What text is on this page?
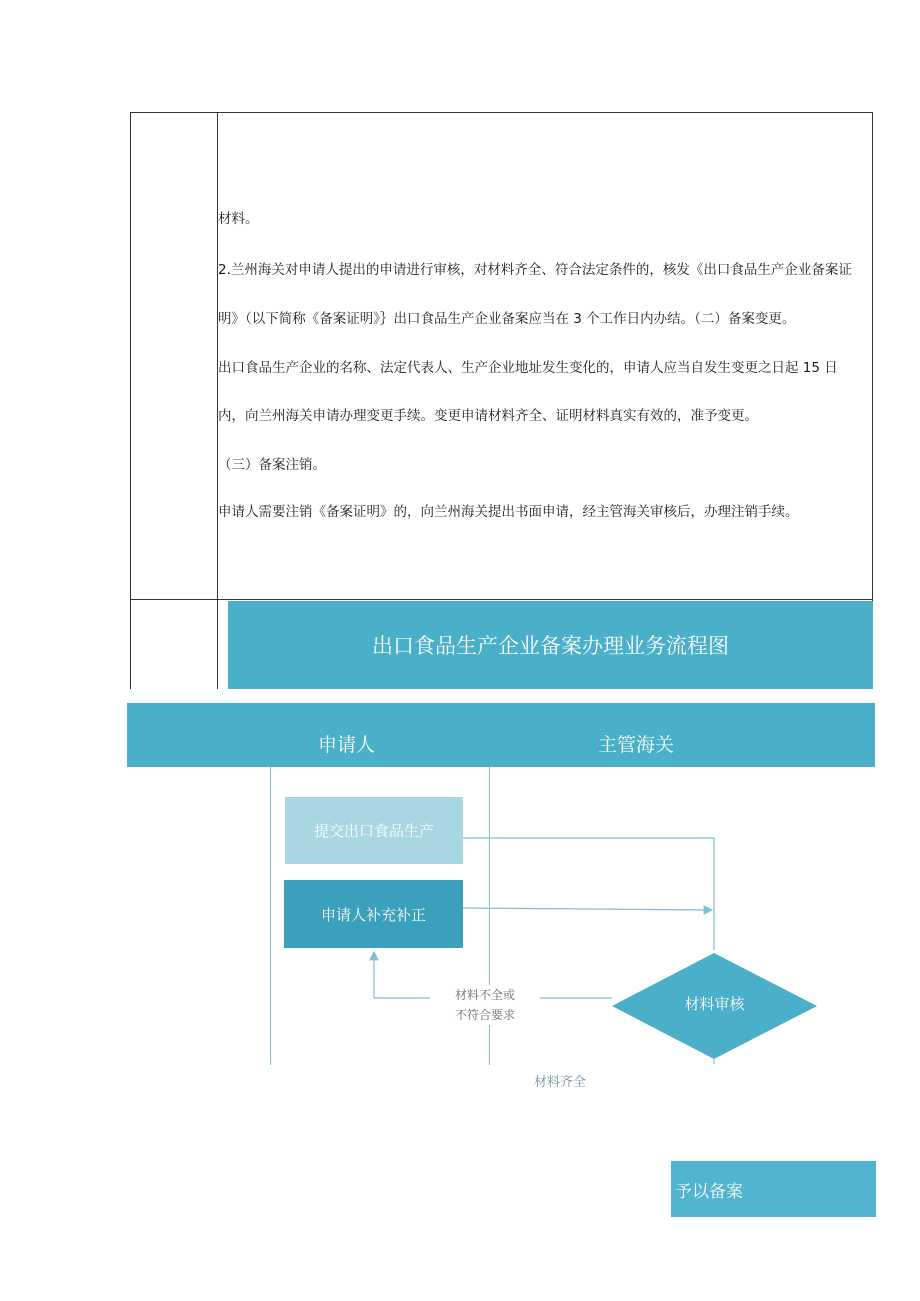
材料。
2.兰州海关对申请人提出的申请进行审核，对材料齐全、符合法定条件的，核发《出口食品生产企业备案证
明》（以下简称《备案证明》｝出口食品生产企业备案应当在 3 个工作日内办结。（二）备案变更。
出口食品生产企业的名称、法定代表人、生产企业地址发生变化的，申请人应当自发生变更之日起 15 日
内，向兰州海关申请办理变更手续。变更申请材料齐全、证明材料真实有效的，准予变更。
（三）备案注销。
申请人需要注销《备案证明》的，向兰州海关提出书面申请，经主管海关审核后，办理注销手续。
出口食品生产企业备案办理业务流程图
申请人	主管海关
提交出口食品生产
申请人补充补正
材料审核
材料不全或
不符合要求
材料齐全
予以备案
